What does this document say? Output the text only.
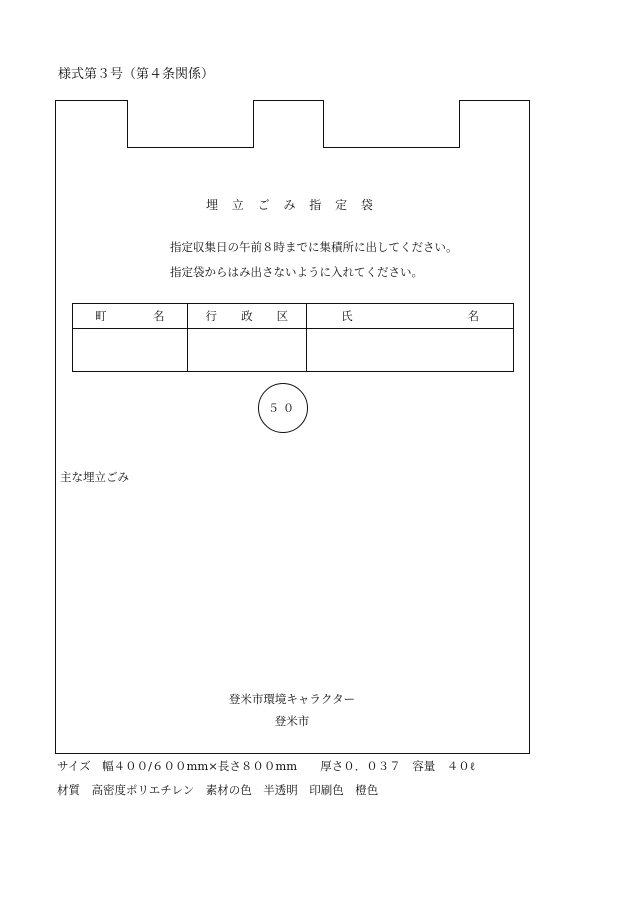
様式第３号（第４条関係）
埋 立 ご み 指 定 袋
指定収集日の午前８時までに集積所に出してください。
指定袋からはみ出さないように入れてください。
町 名	行 政 区	氏 名

５０
主な埋立ごみ
登米市環境キャラクター
登米市
サイズ　幅４００/６００mm×長さ８００mm　　厚さ０．０３７　容量　４０ℓ
材質　高密度ポリエチレン　素材の色　半透明　印刷色　橙色
